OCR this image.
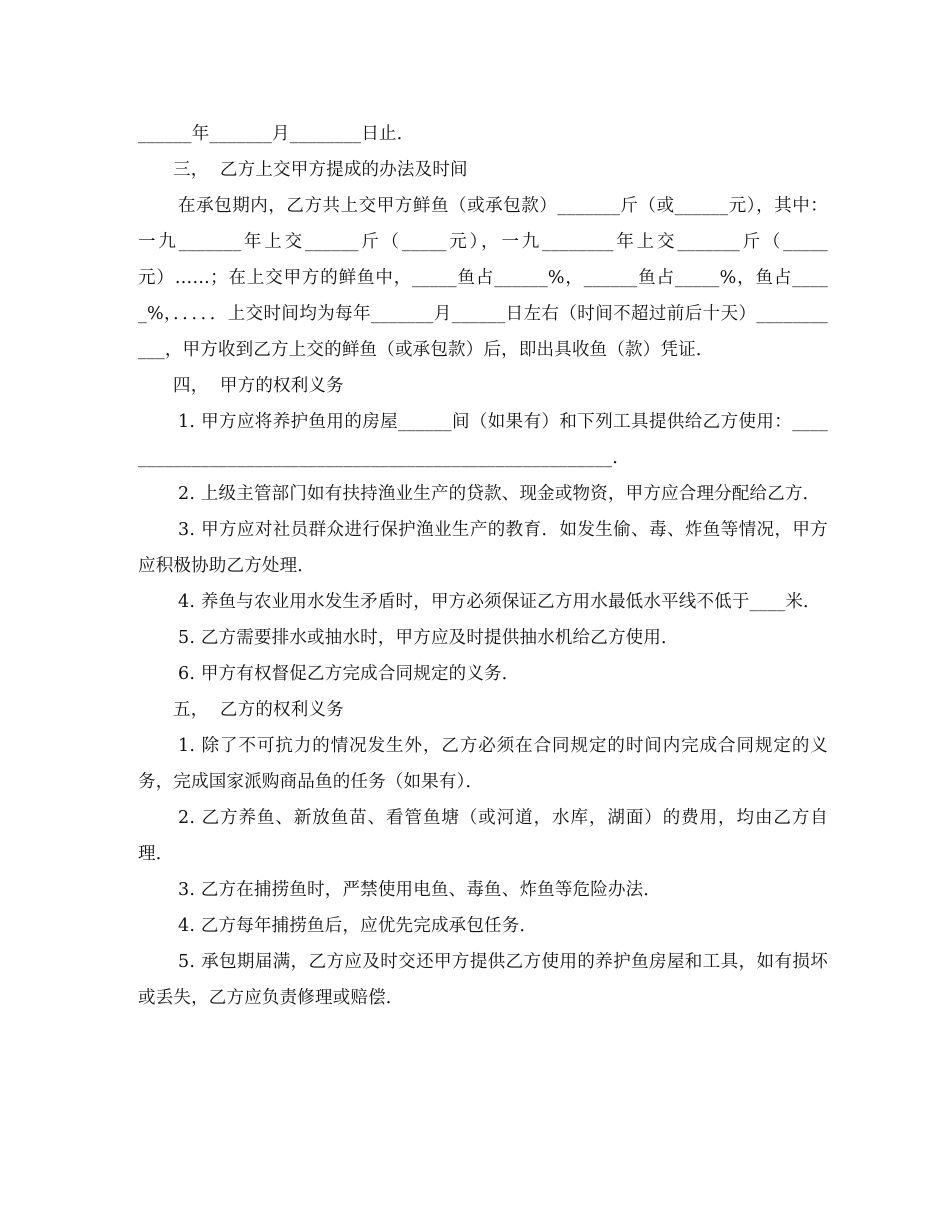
______年_______月________日止．

三，  乙方上交甲方提成的办法及时间

在承包期内，乙方共上交甲方鲜鱼（或承包款）_______斤（或______元），其中：一九_______年上交______斤（_____元），一九________年上交_______斤（_____元）……；在上交甲方的鲜鱼中，_____鱼占______%，______鱼占_____%，鱼占_____%，．．．．．上交时间均为每年_______月______日左右（时间不超过前后十天）___________，甲方收到乙方上交的鲜鱼（或承包款）后，即出具收鱼（款）凭证．

四，  甲方的权利义务

1. 甲方应将养护鱼用的房屋______间（如果有）和下列工具提供给乙方使用：_________________________________________________________．

2. 上级主管部门如有扶持渔业生产的贷款、现金或物资，甲方应合理分配给乙方．

3. 甲方应对社员群众进行保护渔业生产的教育．如发生偷、毒、炸鱼等情况，甲方应积极协助乙方处理．

4. 养鱼与农业用水发生矛盾时，甲方必须保证乙方用水最低水平线不低于____米．

5. 乙方需要排水或抽水时，甲方应及时提供抽水机给乙方使用．

6. 甲方有权督促乙方完成合同规定的义务．

五，  乙方的权利义务

1. 除了不可抗力的情况发生外，乙方必须在合同规定的时间内完成合同规定的义务，完成国家派购商品鱼的任务（如果有）．

2. 乙方养鱼、新放鱼苗、看管鱼塘（或河道，水库，湖面）的费用，均由乙方自理．

3. 乙方在捕捞鱼时，严禁使用电鱼、毒鱼、炸鱼等危险办法．

4. 乙方每年捕捞鱼后，应优先完成承包任务．

5. 承包期届满，乙方应及时交还甲方提供乙方使用的养护鱼房屋和工具，如有损坏或丢失，乙方应负责修理或赔偿．
